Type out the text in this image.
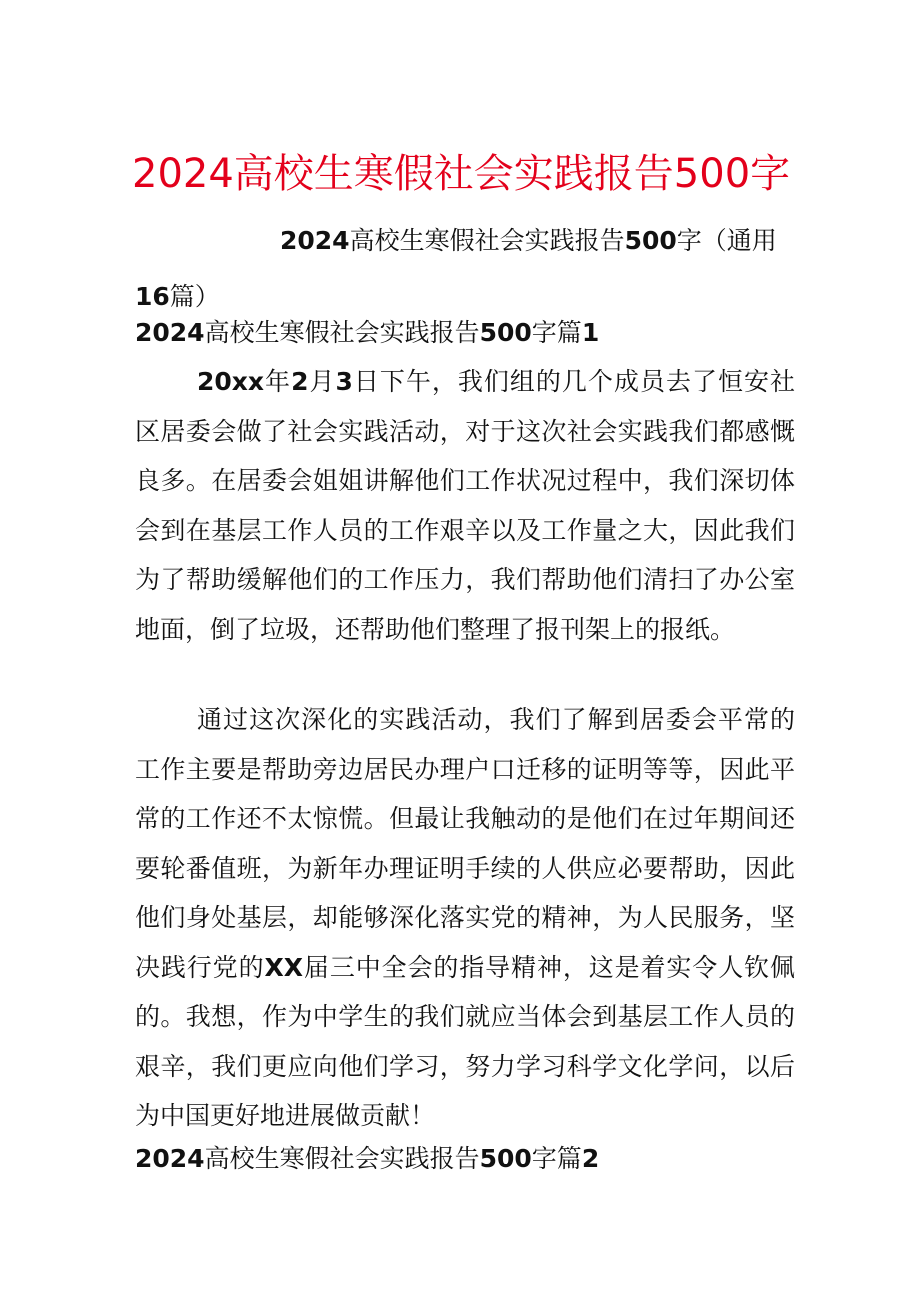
2024高校生寒假社会实践报告500字

2024高校生寒假社会实践报告500字（通用16篇）

2024高校生寒假社会实践报告500字篇1

20xx年2月3日下午，我们组的几个成员去了恒安社区居委会做了社会实践活动，对于这次社会实践我们都感慨良多。在居委会姐姐讲解他们工作状况过程中，我们深切体会到在基层工作人员的工作艰辛以及工作量之大，因此我们为了帮助缓解他们的工作压力，我们帮助他们清扫了办公室地面，倒了垃圾，还帮助他们整理了报刊架上的报纸。

通过这次深化的实践活动，我们了解到居委会平常的工作主要是帮助旁边居民办理户口迁移的证明等等，因此平常的工作还不太惊慌。但最让我触动的是他们在过年期间还要轮番值班，为新年办理证明手续的人供应必要帮助，因此他们身处基层，却能够深化落实党的精神，为人民服务，坚决践行党的XX届三中全会的指导精神，这是着实令人钦佩的。我想，作为中学生的我们就应当体会到基层工作人员的艰辛，我们更应向他们学习，努力学习科学文化学问，以后为中国更好地进展做贡献！

2024高校生寒假社会实践报告500字篇2
